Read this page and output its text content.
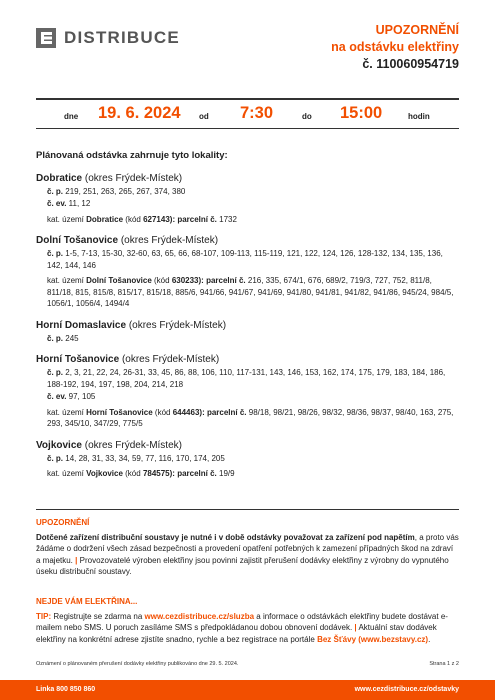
DISTRIBUCE	UPOZORNĚNÍ
na odstávku elektřiny
č. 110060954719
dne 19. 6. 2024 od 7:30	do 15:00	hodin
Plánovaná odstávka zahrnuje tyto lokality:
Dobratice (okres Frýdek-Místek)
č. p. 219, 251, 263, 265, 267, 374, 380
č. ev. 11, 12
kat. území Dobratice (kód 627143): parcelní č. 1732
Dolní Tošanovice (okres Frýdek-Místek)
č. p. 1-5, 7-13, 15-30, 32-60, 63, 65, 66, 68-107, 109-113, 115-119, 121, 122, 124, 126, 128-132, 134, 135, 136, 142, 144, 146
kat. území Dolní Tošanovice (kód 630233): parcelní č. 216, 335, 674/1, 676, 689/2, 719/3, 727, 752, 811/8, 811/18, 815, 815/8, 815/17, 815/18, 885/6, 941/66, 941/67, 941/69, 941/80, 941/81, 941/82, 941/86, 945/24, 984/5, 1056/1, 1056/4, 1494/4
Horní Domaslavice (okres Frýdek-Místek)
č. p. 245
Horní Tošanovice (okres Frýdek-Místek)
č. p. 2, 3, 21, 22, 24, 26-31, 33, 45, 86, 88, 106, 110, 117-131, 143, 146, 153, 162, 174, 175, 179, 183, 184, 186, 188-192, 194, 197, 198, 204, 214, 218
č. ev. 97, 105
kat. území Horní Tošanovice (kód 644463): parcelní č. 98/18, 98/21, 98/26, 98/32, 98/36, 98/37, 98/40, 163, 275, 293, 345/10, 347/29, 775/5
Vojkovice (okres Frýdek-Místek)
č. p. 14, 28, 31, 33, 34, 59, 77, 116, 170, 174, 205
kat. území Vojkovice (kód 784575): parcelní č. 19/9
UPOZORNĚNÍ
Dotčené zařízení distribuční soustavy je nutné i v době odstávky považovat za zařízení pod napětím, a proto vás žádáme o dodržení všech zásad bezpečnosti a provedení opatření potřebných k zamezení případných škod na zdraví a majetku. | Provozovatelé výroben elektřiny jsou povinni zajistit přerušení dodávky elektřiny z výrobny do vypnutého úseku distribuční soustavy.
NEJDE VÁM ELEKTŘINA...
TIP: Registrujte se zdarma na www.cezdistribuce.cz/sluzba a informace o odstávkách elektřiny budete dostávat e-mailem nebo SMS. U poruch zasíláme SMS s předpokládanou dobou obnovení dodávek. | Aktuální stav dodávek elektřiny na konkrétní adrese zjistíte snadno, rychle a bez registrace na portále Bez Šťávy (www.bezstavy.cz).
Oznámení o plánovaném přerušení dodávky elektřiny publikováno dne 29. 5. 2024.	Strana 1 z 2
Linka 800 850 860	www.cezdistribuce.cz/odstavky
